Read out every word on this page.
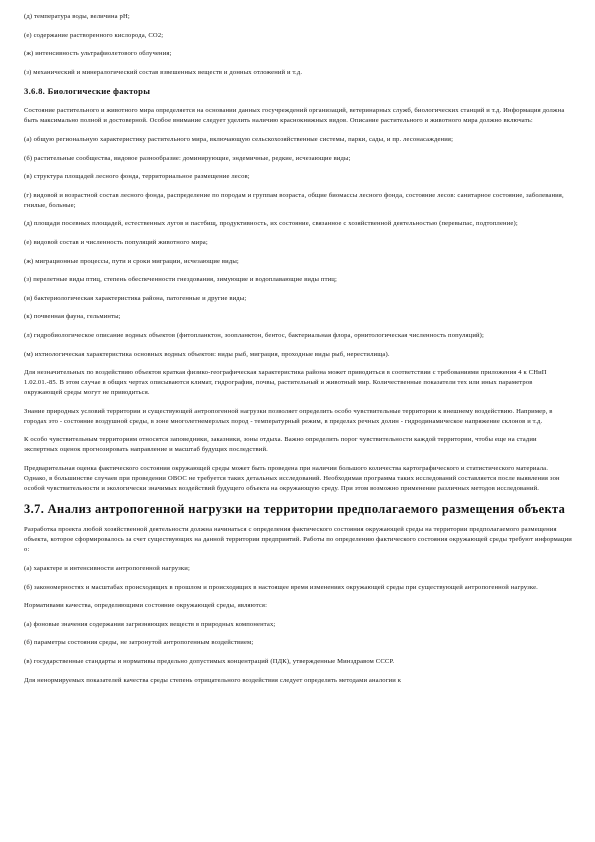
(д) температура воды, величина pH;

(е) содержание растворенного кислорода, CO2;

(ж) интенсивность ультрафиолетового облучения;

(з) механический и минералогический состав взвешенных веществ и донных отложений и т.д.

3.6.8. Биологические факторы

Состояние растительного и животного мира определяется на основании данных госучреждений организаций, ветеринарных служб, биологических станций и т.д. Информация должна быть максимально полной и достоверной. Особое внимание следует уделить наличию краснокнижных видов. Описание растительного и животного мира должно включать:

(а) общую региональную характеристику растительного мира, включающую сельскохозяйственные системы, парки, сады, и пр. лесонасаждения;

(б) растительные сообщества, видовое разнообразие: доминирующие, эндемичные, редкие, исчезающие виды;

(в) структура площадей лесного фонда, территориальное размещение лесов;

(г) видовой и возрастной состав лесного фонда, распределение по породам и группам возраста, общие биомассы лесного фонда, состояние лесов: санитарное состояние, заболевания, гнилые, больные;

(д) площади посевных площадей, естественных лугов и пастбищ, продуктивность, их состояние, связанное с хозяйственной деятельностью (перевыпас, подтопление);

(е) видовой состав и численность популяций животного мира;

(ж) миграционные процессы, пути и сроки миграции, исчезающие виды;

(з) перелетные виды птиц, степень обеспеченности гнездования, зимующие и водоплавающие виды птиц;

(и) бактериологическая характеристика района, патогенные и другие виды;

(к) почвенная фауна, гельминты;

(л) гидробиологическое описание водных объектов (фитопланктон, зоопланктон, бентос, бактериальная флора, орнитологическая численность популяций);

(м) ихтиологическая характеристика основных водных объектов: виды рыб, миграция, проходные виды рыб, нерестилища).

Для незначительных по воздействию объектов краткая физико-географическая характеристика района может приводиться в соответствии с требованиями приложения 4 к СНиП 1.02.01.-85. В этом случае в общих чертах описываются климат, гидрография, почвы, растительный и животный мир. Количественные показатели тех или иных параметров окружающей среды могут не приводиться.

Знание природных условий территории и существующей антропогенной нагрузки позволяет определить особо чувствительные территории к внешнему воздействию. Например, в городах это - состояние воздушной среды, в зоне многолетнемерзлых пород - температурный режим, в пределах речных долин - гидродинамическое напряжение склонов и т.д.

К особо чувствительным территориям относятся заповедники, заказники, зоны отдыха. Важно определить порог чувствительности каждой территории, чтобы еще на стадии экспертных оценок прогнозировать направление и масштаб будущих последствий.

Предварительная оценка фактического состояния окружающей среды может быть проведена при наличии большого количества картографического и статистического материала. Однако, в большинстве случаев при проведении ОВОС не требуется таких детальных исследований. Необходимая программа таких исследований составляется после выявления зон особой чувствительности и экологически значимых воздействий будущего объекта на окружающую среду. При этом возможно применение различных методов исследований.

3.7. Анализ антропогенной нагрузки на территории предполагаемого размещения объекта

Разработка проекта любой хозяйственной деятельности должна начинаться с определения фактического состояния окружающей среды на территории предполагаемого размещения объекта, которое сформировалось за счет существующих на данной территории предприятий. Работы по определению фактического состояния окружающей среды требуют информации о:

(а) характере и интенсивности антропогенной нагрузки;

(б) закономерностях и масштабах происходящих в прошлом и происходящих в настоящее время изменениях окружающей среды при существующей антропогенной нагрузке.

Нормативами качества, определяющими состояние окружающей среды, являются:

(а) фоновые значения содержания загрязняющих веществ в природных компонентах;

(б) параметры состояния среды, не затронутой антропогенным воздействием;

(в) государственные стандарты и нормативы предельно допустимых концентраций (ПДК), утвержденные Минздравом СССР.

Для ненормируемых показателей качества среды степень отрицательного воздействия следует определять методами аналогии к
